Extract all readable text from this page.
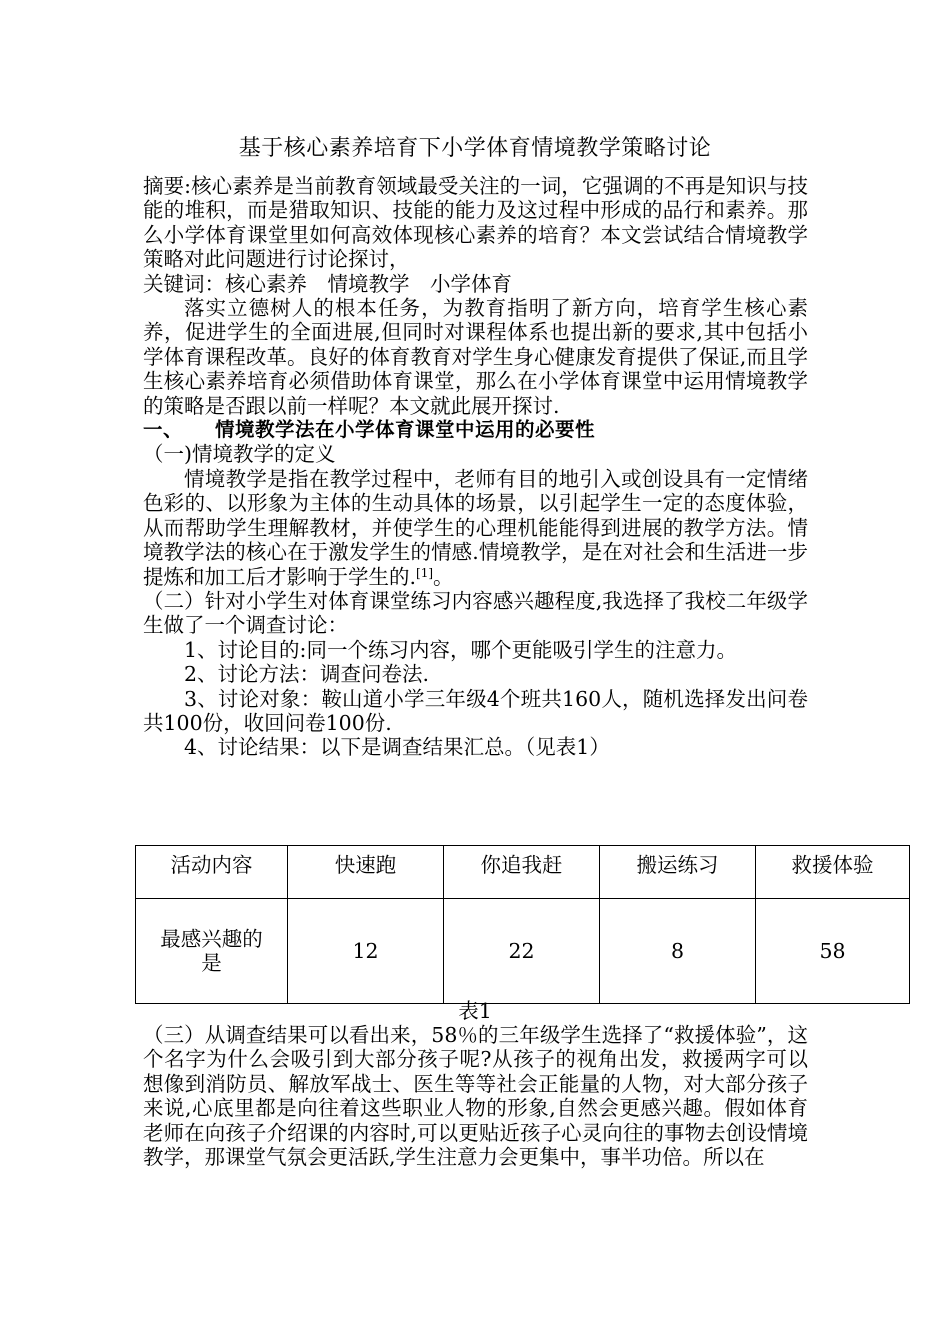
基于核心素养培育下小学体育情境教学策略讨论

摘要:核心素养是当前教育领域最受关注的一词，它强调的不再是知识与技能的堆积，而是猎取知识、技能的能力及这过程中形成的品行和素养。那么小学体育课堂里如何高效体现核心素养的培育？本文尝试结合情境教学策略对此问题进行讨论探讨，

关键词：核心素养　情境教学　小学体育

落实立德树人的根本任务，为教育指明了新方向，培育学生核心素养，促进学生的全面进展,但同时对课程体系也提出新的要求,其中包括小学体育课程改革。良好的体育教育对学生身心健康发育提供了保证,而且学生核心素养培育必须借助体育课堂，那么在小学体育课堂中运用情境教学的策略是否跟以前一样呢？本文就此展开探讨.

一、 情境教学法在小学体育课堂中运用的必要性

（一)情境教学的定义

情境教学是指在教学过程中，老师有目的地引入或创设具有一定情绪色彩的、以形象为主体的生动具体的场景，以引起学生一定的态度体验，从而帮助学生理解教材，并使学生的心理机能能得到进展的教学方法。情境教学法的核心在于激发学生的情感.情境教学，是在对社会和生活进一步提炼和加工后才影响于学生的.[1]。

（二）针对小学生对体育课堂练习内容感兴趣程度,我选择了我校二年级学生做了一个调查讨论：

1、讨论目的:同一个练习内容，哪个更能吸引学生的注意力。

2、讨论方法：调查问卷法.

3、讨论对象：鞍山道小学三年级4个班共160人，随机选择发出问卷共100份，收回问卷100份.

4、讨论结果：以下是调查结果汇总。（见表1）

活动内容	快速跑	你追我赶	搬运练习	救援体验
最感兴趣的是	12	22	8	58
表1

（三）从调查结果可以看出来，58％的三年级学生选择了“救援体验”，这个名字为什么会吸引到大部分孩子呢?从孩子的视角出发，救援两字可以想像到消防员、解放军战士、医生等等社会正能量的人物，对大部分孩子来说,心底里都是向往着这些职业人物的形象,自然会更感兴趣。假如体育老师在向孩子介绍课的内容时,可以更贴近孩子心灵向往的事物去创设情境教学，那课堂气氛会更活跃,学生注意力会更集中，事半功倍。所以在
